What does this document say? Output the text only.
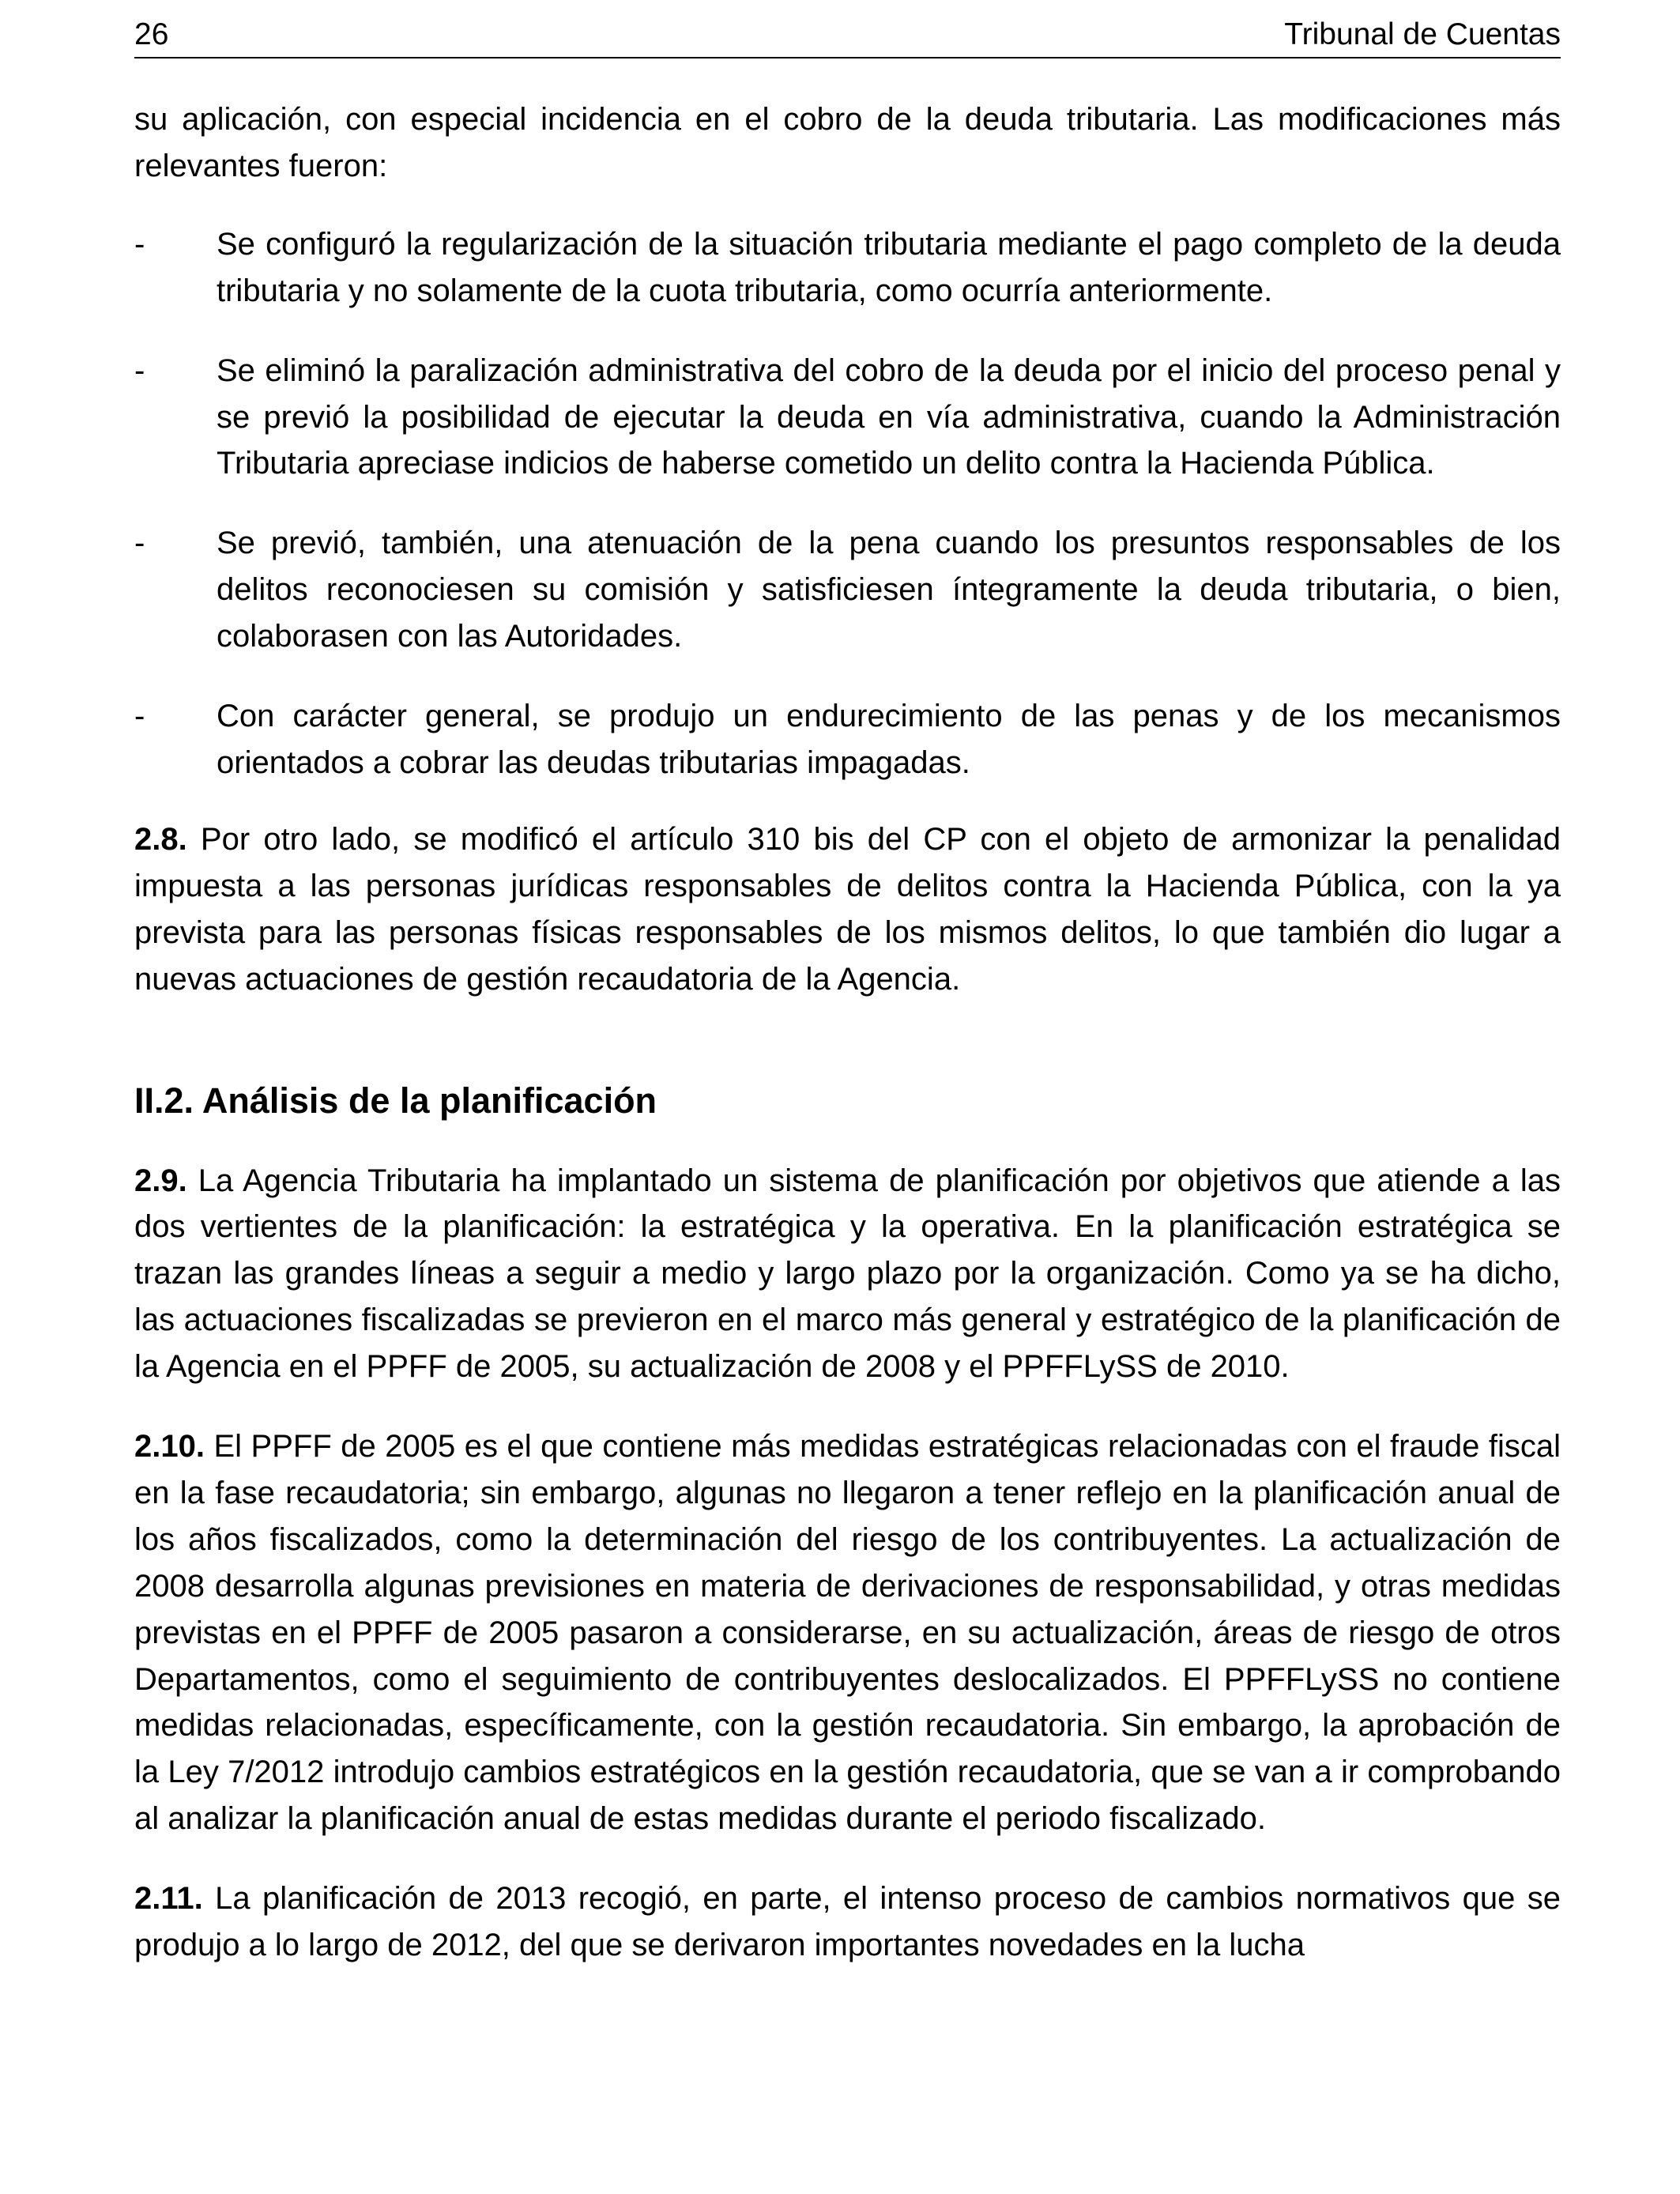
26	Tribunal de Cuentas

su aplicación, con especial incidencia en el cobro de la deuda tributaria. Las modificaciones más relevantes fueron:

- Se configuró la regularización de la situación tributaria mediante el pago completo de la deuda tributaria y no solamente de la cuota tributaria, como ocurría anteriormente.
- Se eliminó la paralización administrativa del cobro de la deuda por el inicio del proceso penal y se previó la posibilidad de ejecutar la deuda en vía administrativa, cuando la Administración Tributaria apreciase indicios de haberse cometido un delito contra la Hacienda Pública.
- Se previó, también, una atenuación de la pena cuando los presuntos responsables de los delitos reconociesen su comisión y satisficiesen íntegramente la deuda tributaria, o bien, colaborasen con las Autoridades.
- Con carácter general, se produjo un endurecimiento de las penas y de los mecanismos orientados a cobrar las deudas tributarias impagadas.

2.8. Por otro lado, se modificó el artículo 310 bis del CP con el objeto de armonizar la penalidad impuesta a las personas jurídicas responsables de delitos contra la Hacienda Pública, con la ya prevista para las personas físicas responsables de los mismos delitos, lo que también dio lugar a nuevas actuaciones de gestión recaudatoria de la Agencia.

II.2. Análisis de la planificación

2.9. La Agencia Tributaria ha implantado un sistema de planificación por objetivos que atiende a las dos vertientes de la planificación: la estratégica y la operativa. En la planificación estratégica se trazan las grandes líneas a seguir a medio y largo plazo por la organización. Como ya se ha dicho, las actuaciones fiscalizadas se previeron en el marco más general y estratégico de la planificación de la Agencia en el PPFF de 2005, su actualización de 2008 y el PPFFLySS de 2010.

2.10. El PPFF de 2005 es el que contiene más medidas estratégicas relacionadas con el fraude fiscal en la fase recaudatoria; sin embargo, algunas no llegaron a tener reflejo en la planificación anual de los años fiscalizados, como la determinación del riesgo de los contribuyentes. La actualización de 2008 desarrolla algunas previsiones en materia de derivaciones de responsabilidad, y otras medidas previstas en el PPFF de 2005 pasaron a considerarse, en su actualización, áreas de riesgo de otros Departamentos, como el seguimiento de contribuyentes deslocalizados. El PPFFLySS no contiene medidas relacionadas, específicamente, con la gestión recaudatoria. Sin embargo, la aprobación de la Ley 7/2012 introdujo cambios estratégicos en la gestión recaudatoria, que se van a ir comprobando al analizar la planificación anual de estas medidas durante el periodo fiscalizado.

2.11. La planificación de 2013 recogió, en parte, el intenso proceso de cambios normativos que se produjo a lo largo de 2012, del que se derivaron importantes novedades en la lucha
